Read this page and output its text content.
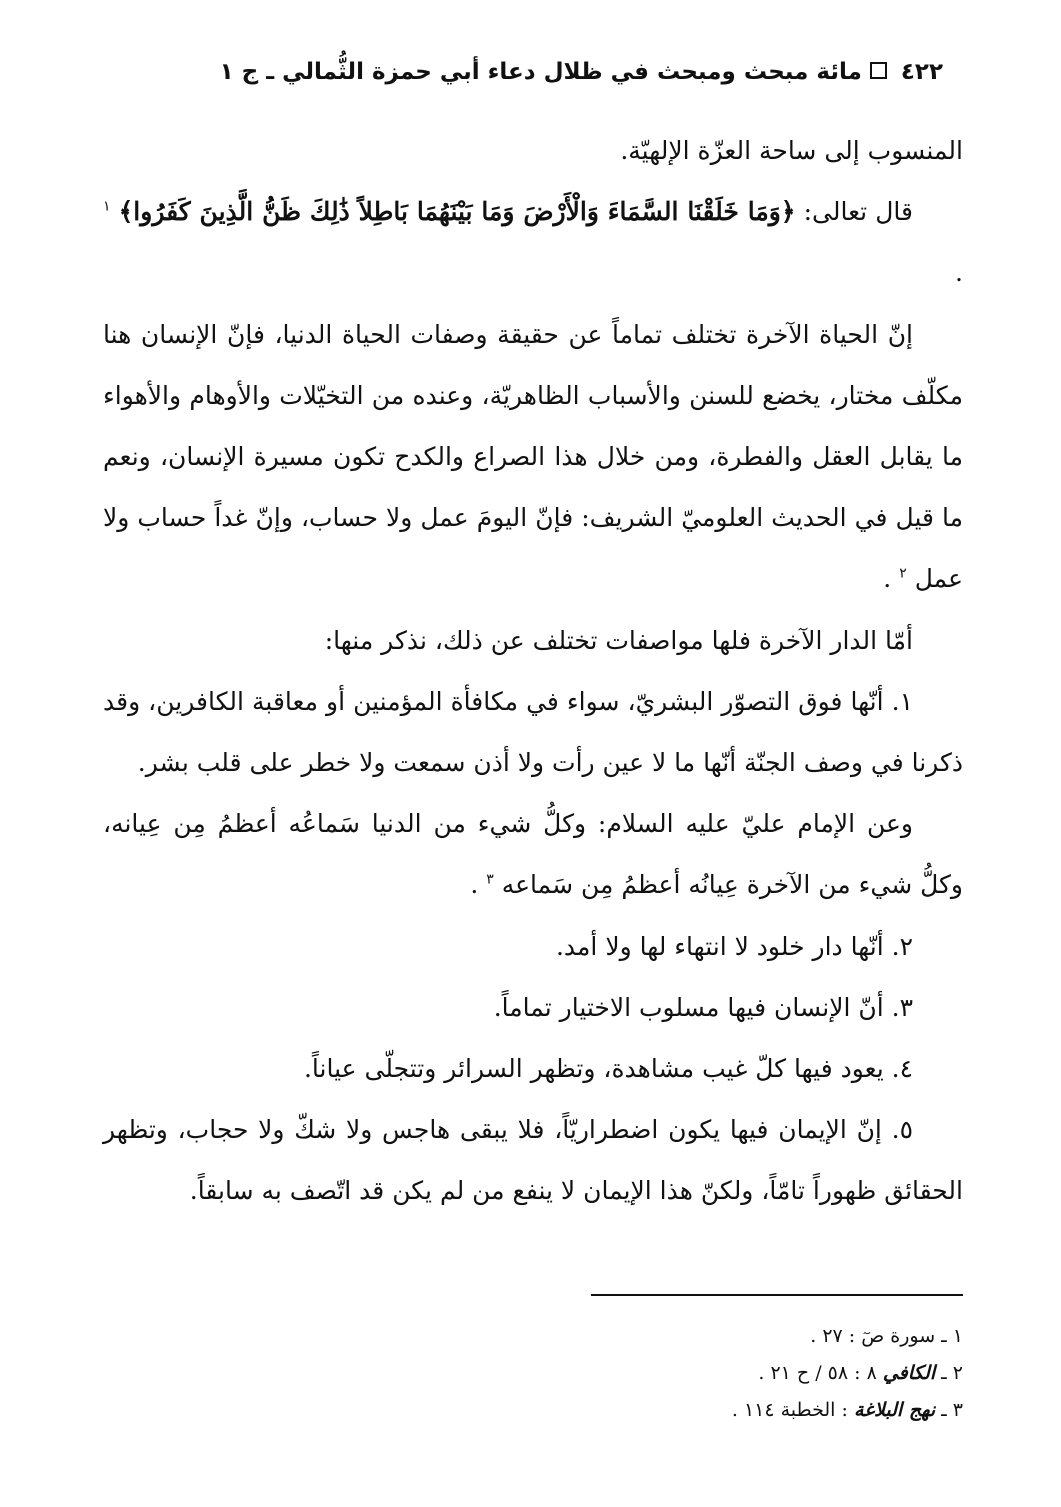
٤٢٢مائة مبحث ومبحث في ظلال دعاء أبي حمزة الثُّمالي ـ ج ١

المنسوب إلى ساحة العزّة الإلهيّة.

قال تعالى: ﴿وَمَا خَلَقْنَا السَّمَاءَ وَالْأَرْضَ وَمَا بَيْنَهُمَا بَاطِلاً ذَٰلِكَ ظَنُّ الَّذِينَ كَفَرُوا﴾ $^١$ .

إنّ الحياة الآخرة تختلف تماماً عن حقيقة وصفات الحياة الدنيا، فإنّ الإنسان هنا مكلّف مختار، يخضع للسنن والأسباب الظاهريّة، وعنده من التخيّلات والأوهام والأهواء ما يقابل العقل والفطرة، ومن خلال هذا الصراع والكدح تكون مسيرة الإنسان، ونعم ما قيل في الحديث العلوميّ الشريف: فإنّ اليومَ عمل ولا حساب، وإنّ غداً حساب ولا عمل $^٢$ .

أمّا الدار الآخرة فلها مواصفات تختلف عن ذلك، نذكر منها:

١. أنّها فوق التصوّر البشريّ، سواء في مكافأة المؤمنين أو معاقبة الكافرين، وقد ذكرنا في وصف الجنّة أنّها ما لا عين رأت ولا أذن سمعت ولا خطر على قلب بشر.

وعن الإمام عليّ عليه السلام: وكلُّ شيء من الدنيا سَماعُه أعظمُ مِن عِيانه، وكلُّ شيء من الآخرة عِيانُه أعظمُ مِن سَماعه $^٣$ .

٢. أنّها دار خلود لا انتهاء لها ولا أمد.

٣. أنّ الإنسان فيها مسلوب الاختيار تماماً.

٤. يعود فيها كلّ غيب مشاهدة، وتظهر السرائر وتتجلّى عياناً.

٥. إنّ الإيمان فيها يكون اضطراريّاً، فلا يبقى هاجس ولا شكّ ولا حجاب، وتظهر الحقائق ظهوراً تامّاً، ولكنّ هذا الإيمان لا ينفع من لم يكن قد اتّصف به سابقاً.

١ ـ سورة صٓ : ٢٧ .

٢ ـ الكافي ٨ : ٥٨ / ح ٢١ .

٣ ـ نهج البلاغة : الخطبة ١١٤ .
